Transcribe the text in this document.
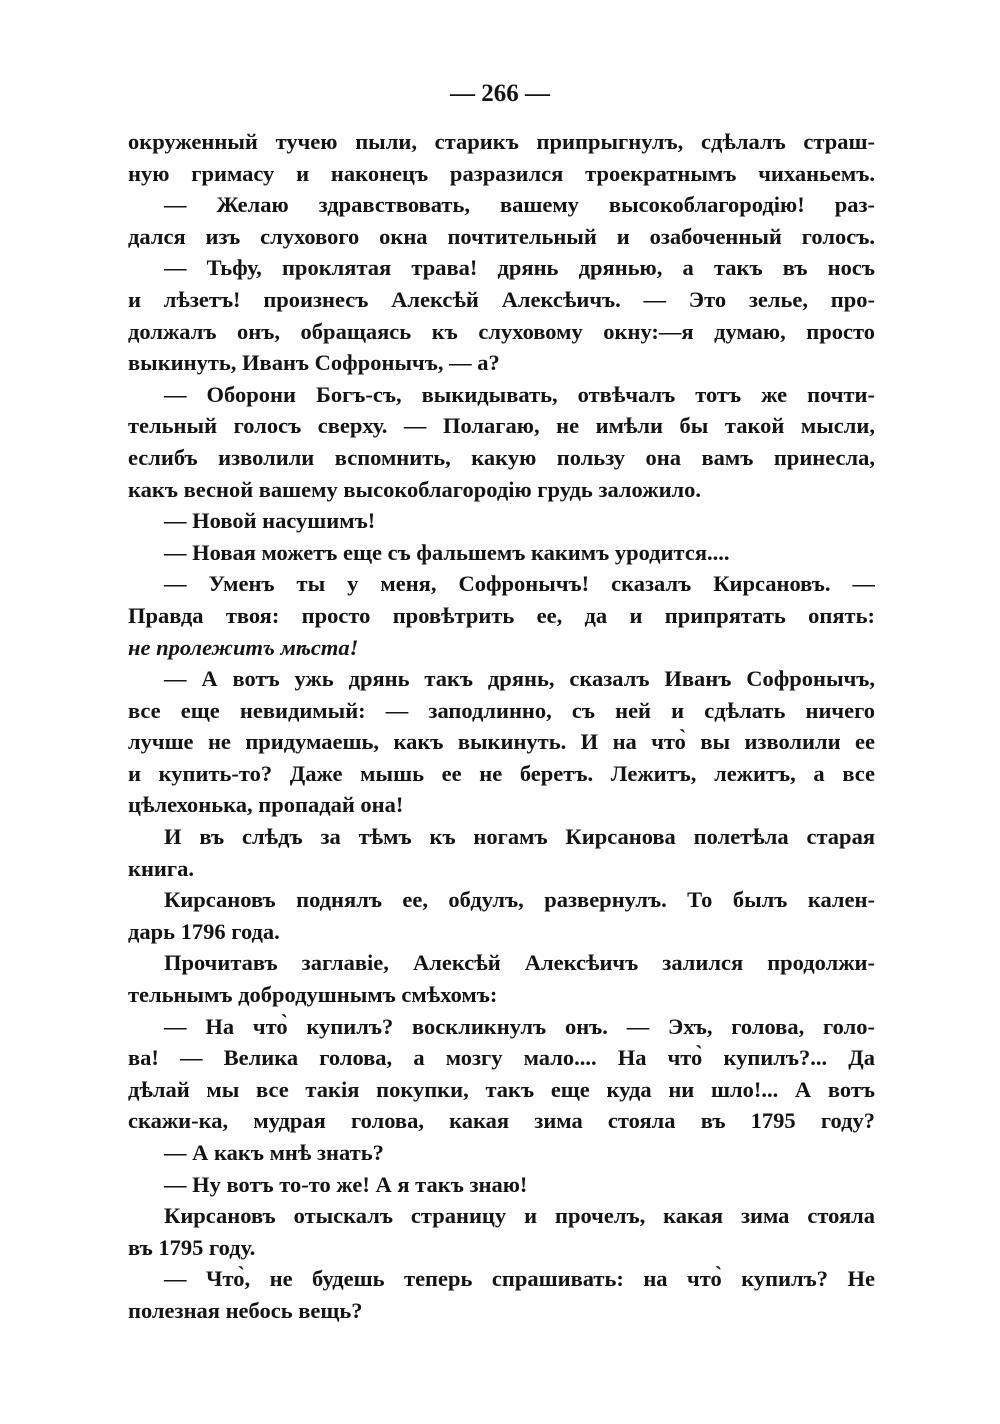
— 266 —
окруженный тучею пыли, старикъ припрыгнулъ, сдѣлалъ страш-
ную гримасу и наконецъ разразился троекратнымъ чиханьемъ.
— Желаю здравствовать, вашему высокоблагородію! раз-
дался изъ слухового окна почтительный и озабоченный голосъ.
— Тьфу, проклятая трава! дрянь дрянью, а такъ въ носъ
и лѣзетъ! произнесъ Алексѣй Алексѣичъ. — Это зелье, про-
должалъ онъ, обращаясь къ слуховому окну:—я думаю, просто
выкинуть, Иванъ Софронычъ, — а?
— Оборони Богъ-съ, выкидывать, отвѣчалъ тотъ же почти-
тельный голосъ сверху. — Полагаю, не имѣли бы такой мысли,
еслибъ изволили вспомнить, какую пользу она вамъ принесла,
какъ весной вашему высокоблагородію грудь заложило.
— Новой насушимъ!
— Новая можетъ еще съ фальшемъ какимъ уродится....
— Уменъ ты у меня, Софронычъ! сказалъ Кирсановъ. —
Правда твоя: просто провѣтрить ее, да и припрятать опять:
не пролежитъ мѣста!
— А вотъ ужь дрянь такъ дрянь, сказалъ Иванъ Софронычъ,
все еще невидимый: — заподлинно, съ ней и сдѣлать ничего
лучше не придумаешь, какъ выкинуть. И на что̀ вы изволили ее
и купить-то? Даже мышь ее не беретъ. Лежитъ, лежитъ, а все
цѣлехонька, пропадай она!
И въ слѣдъ за тѣмъ къ ногамъ Кирсанова полетѣла старая
книга.
Кирсановъ поднялъ ее, обдулъ, развернулъ. То былъ кален-
дарь 1796 года.
Прочитавъ заглавіе, Алексѣй Алексѣичъ залился продолжи-
тельнымъ добродушнымъ смѣхомъ:
— На что̀ купилъ? воскликнулъ онъ. — Эхъ, голова, голо-
ва! — Велика голова, а мозгу мало.... На что̀ купилъ?... Да
дѣлай мы все такія покупки, такъ еще куда ни шло!... А вотъ
скажи-ка, мудрая голова, какая зима стояла въ 1795 году?
— А какъ мнѣ знать?
— Ну вотъ то-то же! А я такъ знаю!
Кирсановъ отыскалъ страницу и прочелъ, какая зима стояла
въ 1795 году.
— Что̀, не будешь теперь спрашивать: на что̀ купилъ? Не
полезная небось вещь?
